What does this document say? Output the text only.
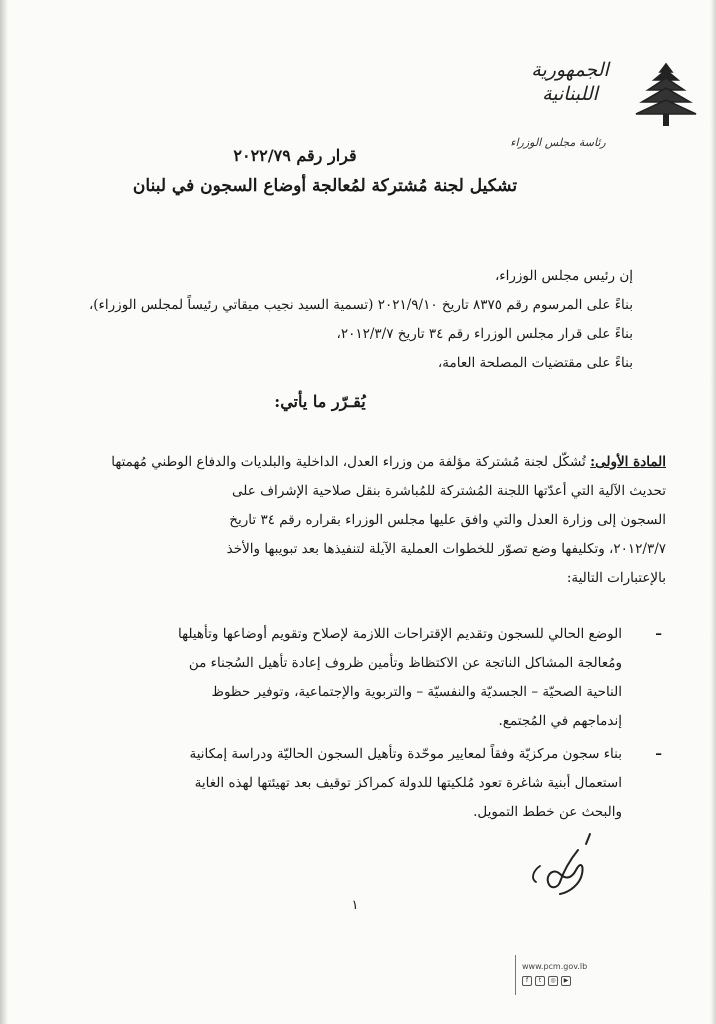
الجمهورية
اللبنانية
رئاسة مجلس الوزراء
قرار رقم ٢٠٢٢/٧٩
تشكيل لجنة مُشتركة لمُعالجة أوضاع السجون في لبنان
إن رئيس مجلس الوزراء،
بناءً على المرسوم رقم ٨٣٧٥ تاريخ ٢٠٢١/٩/١٠ (تسمية السيد نجيب ميقاتي رئيساً لمجلس الوزراء)،
بناءً على قرار مجلس الوزراء رقم ٣٤ تاريخ ٢٠١٢/٣/٧،
بناءً على مقتضيات المصلحة العامة،
يُقـرّر ما يأتي:
المادة الأولى: تُشكّل لجنة مُشتركة مؤلفة من وزراء العدل، الداخلية والبلديات والدفاع الوطني مُهمتها
تحديث الآلية التي أعدّتها اللجنة المُشتركة للمُباشرة بنقل صلاحية الإشراف على
السجون إلى وزارة العدل والتي وافق عليها مجلس الوزراء بقراره رقم ٣٤ تاريخ
٢٠١٢/٣/٧، وتكليفها وضع تصوّر للخطوات العملية الآيلة لتنفيذها بعد تبويبها والأخذ
بالإعتبارات التالية:
–
الوضع الحالي للسجون وتقديم الإقتراحات اللازمة لإصلاح وتقويم أوضاعها وتأهيلها
ومُعالجة المشاكل الناتجة عن الاكتظاظ وتأمين ظروف إعادة تأهيل السُجناء من
الناحية الصحيّة – الجسديّة والنفسيّة – والتربوية والإجتماعية، وتوفير حظوظ
إندماجهم في المُجتمع.
–
بناء سجون مركزيّة وفقاً لمعايير موحّدة وتأهيل السجون الحاليّة ودراسة إمكانية
استعمال أبنية شاغرة تعود مُلكيتها للدولة كمراكز توقيف بعد تهيئتها لهذه الغاية
والبحث عن خطط التمويل.
١
www.pcm.gov.lb
f	t	◎	▶
